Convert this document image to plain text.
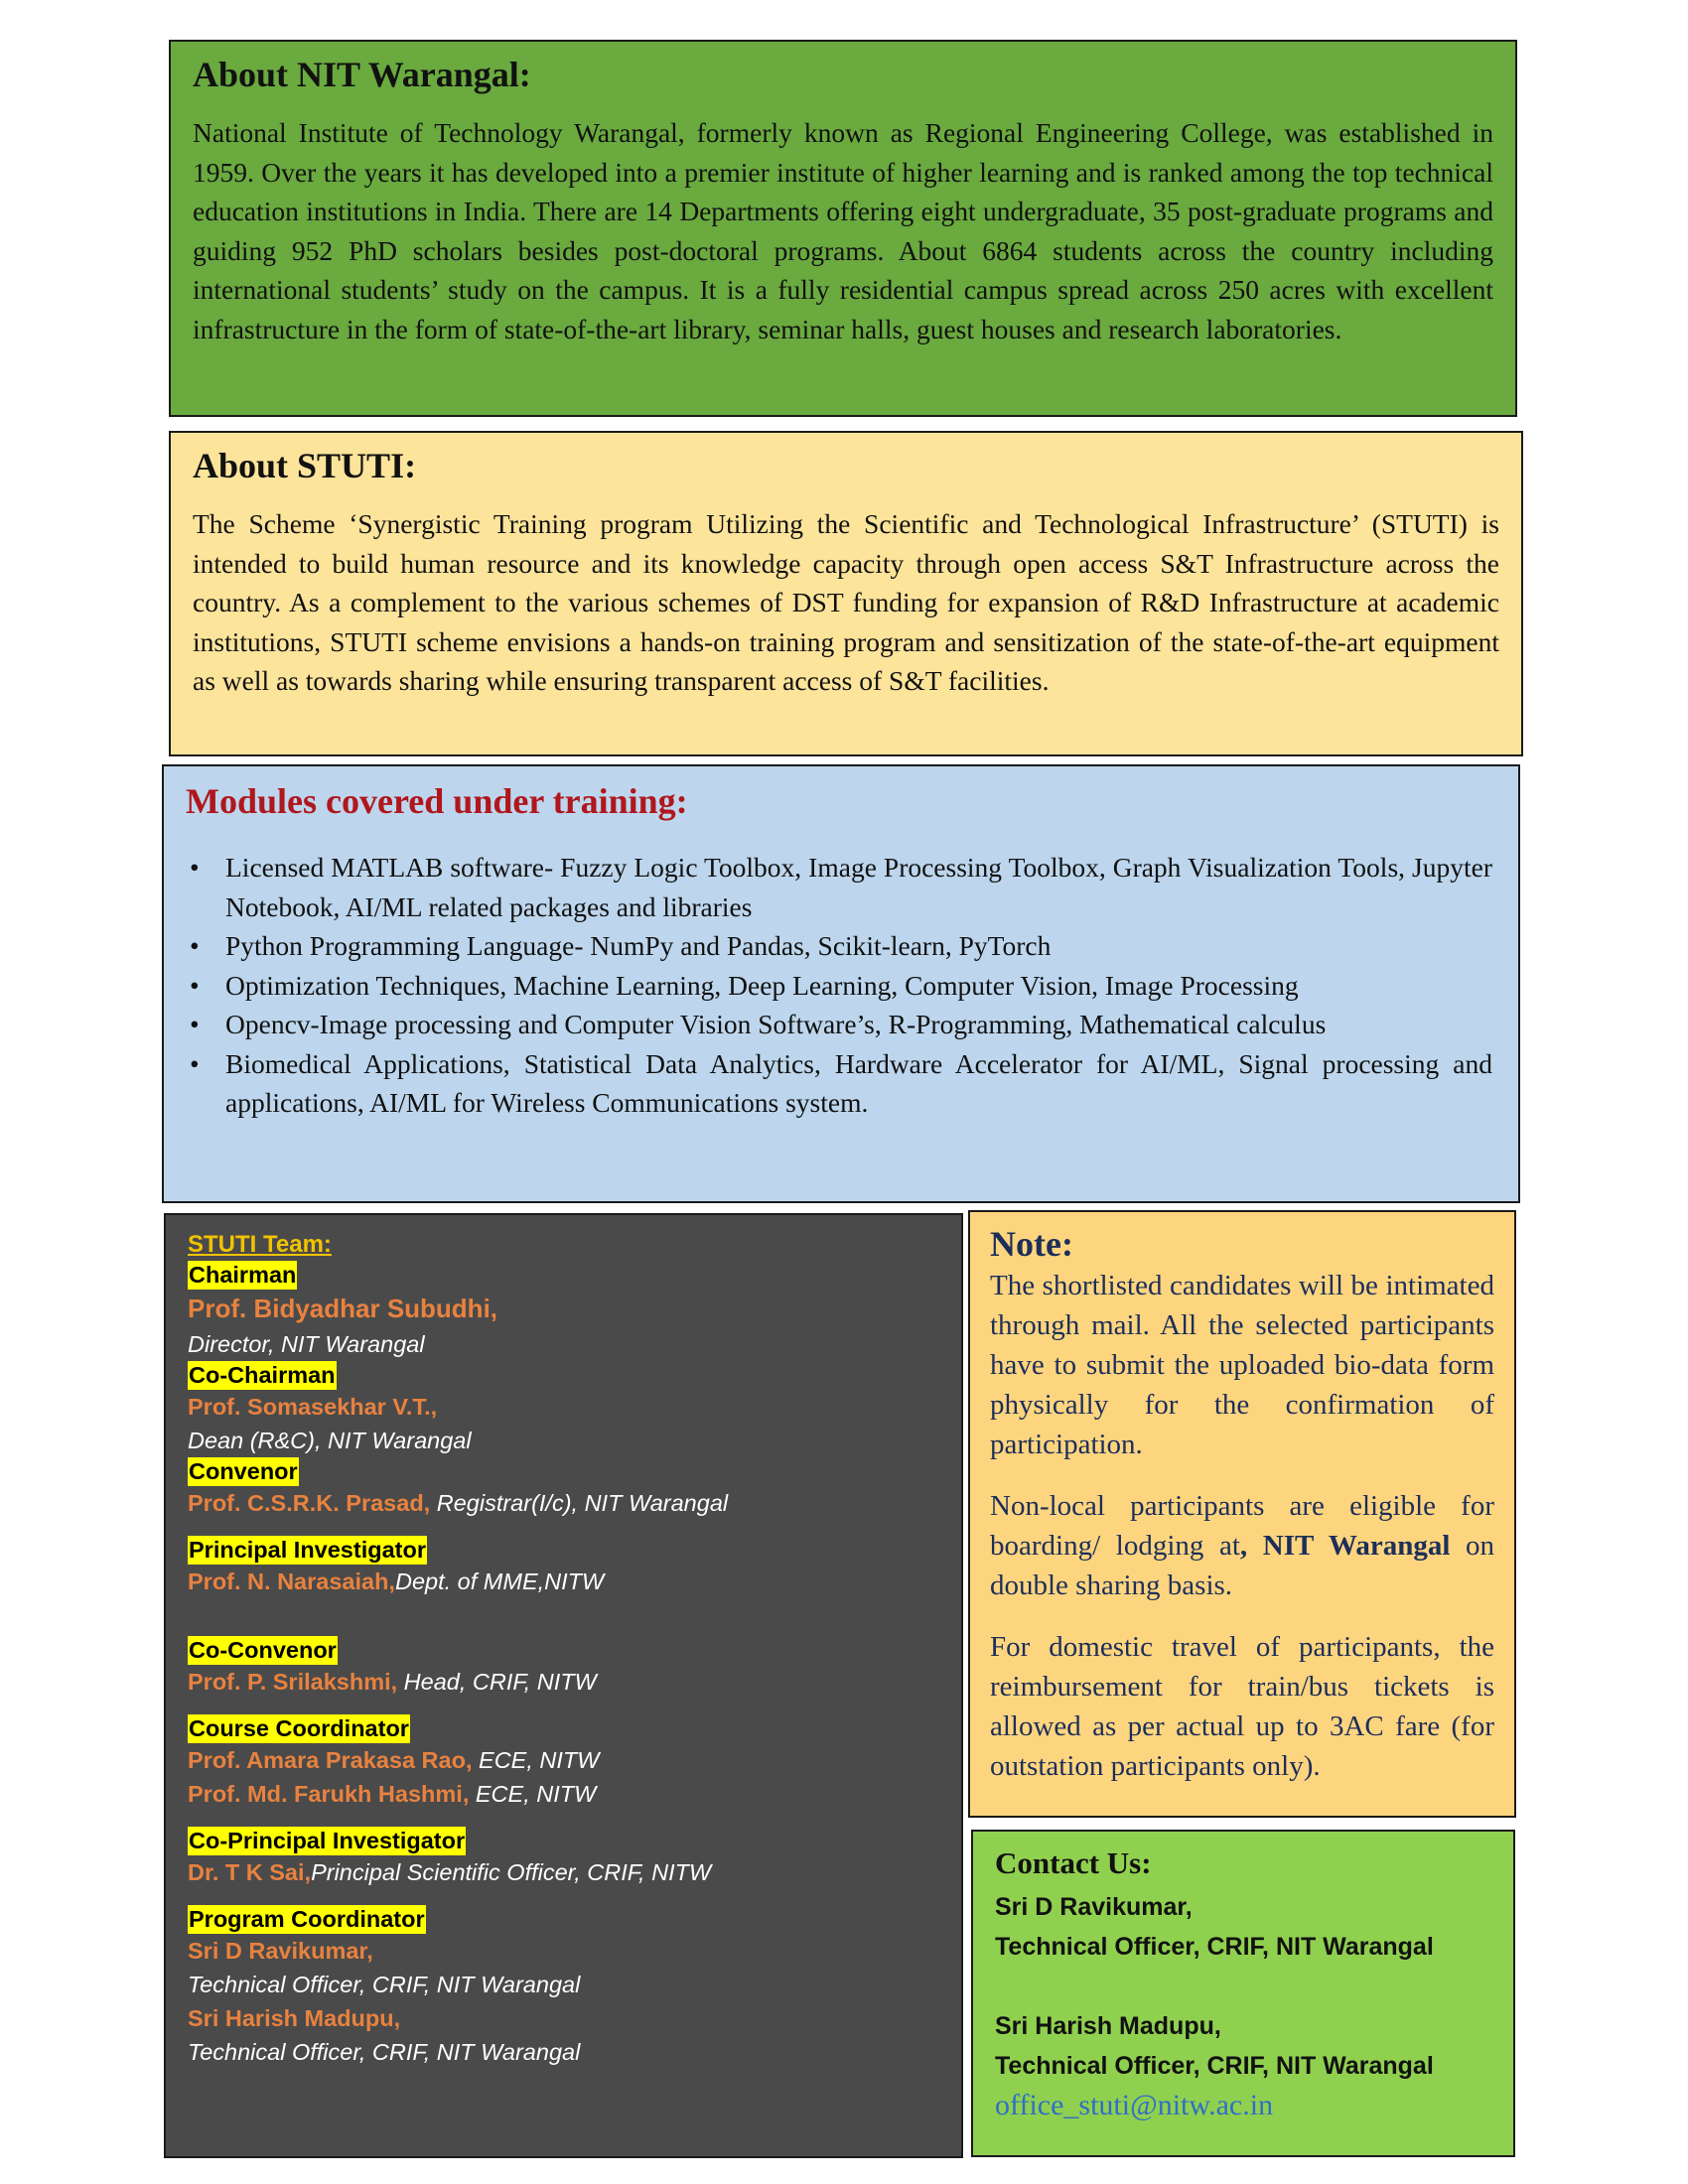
About NIT Warangal:

National Institute of Technology Warangal, formerly known as Regional Engineering College, was established in 1959. Over the years it has developed into a premier institute of higher learning and is ranked among the top technical education institutions in India. There are 14 Departments offering eight undergraduate, 35 post-graduate programs and guiding 952 PhD scholars besides post-doctoral programs. About 6864 students across the country including international students’ study on the campus. It is a fully residential campus spread across 250 acres with excellent infrastructure in the form of state-of-the-art library, seminar halls, guest houses and research laboratories.

About STUTI:

The Scheme ‘Synergistic Training program Utilizing the Scientific and Technological Infrastructure’ (STUTI) is intended to build human resource and its knowledge capacity through open access S&T Infrastructure across the country. As a complement to the various schemes of DST funding for expansion of R&D Infrastructure at academic institutions, STUTI scheme envisions a hands-on training program and sensitization of the state-of-the-art equipment as well as towards sharing while ensuring transparent access of S&T facilities.

Modules covered under training:
• Licensed MATLAB software- Fuzzy Logic Toolbox, Image Processing Toolbox, Graph Visualization Tools, Jupyter Notebook, AI/ML related packages and libraries
• Python Programming Language- NumPy and Pandas, Scikit-learn, PyTorch
• Optimization Techniques, Machine Learning, Deep Learning, Computer Vision, Image Processing
• Opencv-Image processing and Computer Vision Software’s, R-Programming, Mathematical calculus
• Biomedical Applications, Statistical Data Analytics, Hardware Accelerator for AI/ML, Signal processing and applications, AI/ML for Wireless Communications system.
STUTI Team:
Chairman
Prof. Bidyadhar Subudhi,
Director, NIT Warangal
Co-Chairman
Prof. Somasekhar V.T.,
Dean (R&C), NIT Warangal
Convenor
Prof. C.S.R.K. Prasad, Registrar(I/c), NIT Warangal
Principal Investigator
Prof. N. Narasaiah,Dept. of MME,NITW
Co-Convenor
Prof. P. Srilakshmi, Head, CRIF, NITW
Course Coordinator
Prof. Amara Prakasa Rao, ECE, NITW
Prof. Md. Farukh Hashmi, ECE, NITW
Co-Principal Investigator
Dr. T K Sai,Principal Scientific Officer, CRIF, NITW
Program Coordinator
Sri D Ravikumar,
Technical Officer, CRIF, NIT Warangal
Sri Harish Madupu,
Technical Officer, CRIF, NIT Warangal
Note:

The shortlisted candidates will be intimated through mail. All the selected participants have to submit the uploaded bio-data form physically for the confirmation of participation.

Non-local participants are eligible for boarding/ lodging at, NIT Warangal on double sharing basis.

For domestic travel of participants, the reimbursement for train/bus tickets is allowed as per actual up to 3AC fare (for outstation participants only).

Contact Us:
Sri D Ravikumar,
Technical Officer, CRIF, NIT Warangal
Sri Harish Madupu,
Technical Officer, CRIF, NIT Warangal
office_stuti@nitw.ac.in
